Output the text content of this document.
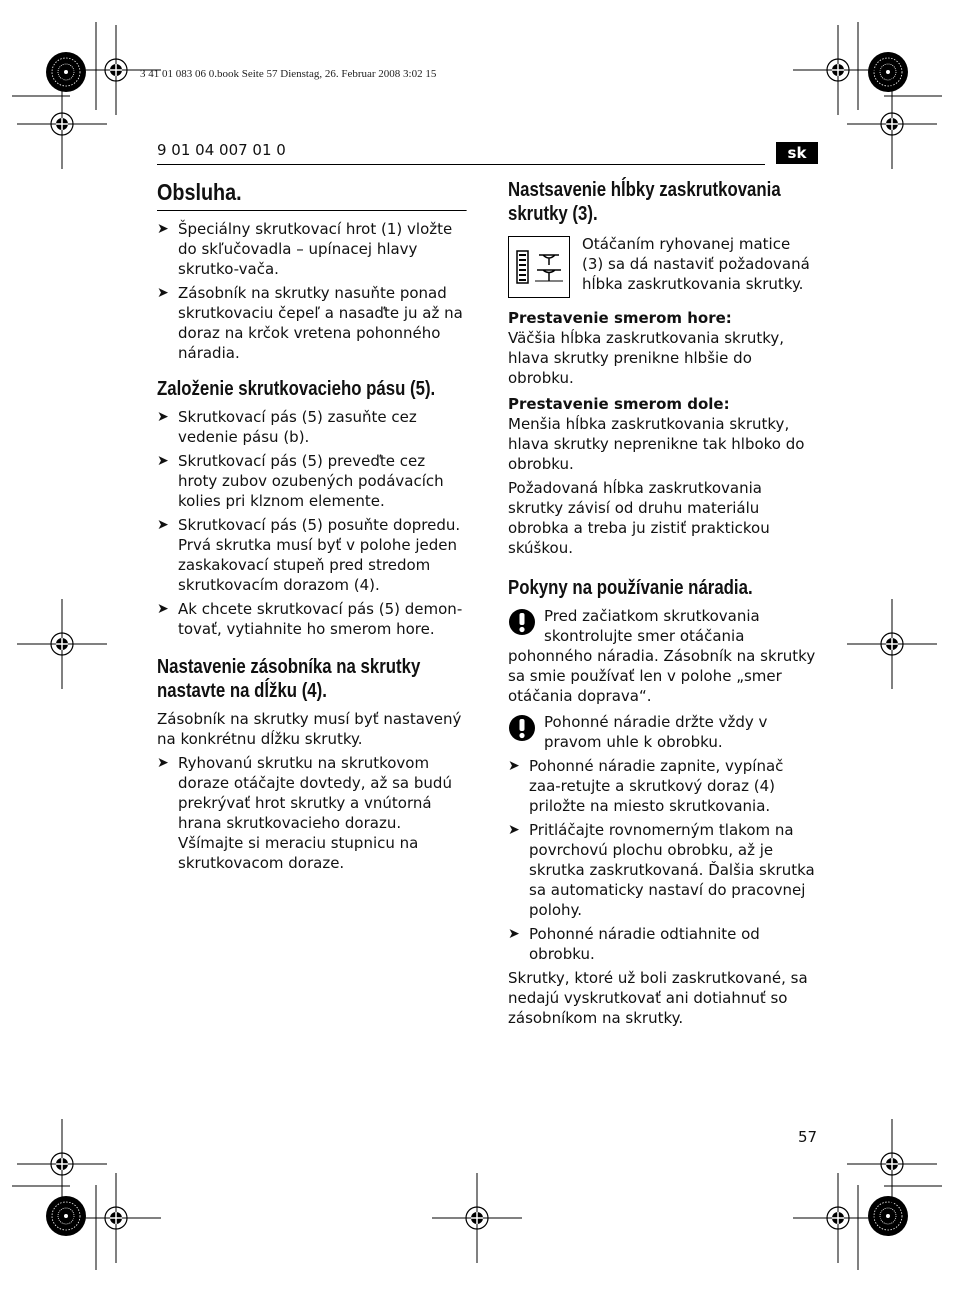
3 41 01 083 06 0.book Seite 57 Dienstag, 26. Februar 2008 3:02 15
9 01 04 007 01 0	sk
57
Obsluha.
➤ Špeciálny skrutkovací hrot (1) vložte do skľučovadla – upínacej hlavy skrutko-vača.
➤ Zásobník na skrutky nasuňte ponad skrutkovaciu čepeľ a nasaďte ju až na doraz na krčok vretena pohonného náradia.
Založenie skrutkovacieho pásu (5).
➤ Skrutkovací pás (5) zasuňte cez vedenie pásu (b).
➤ Skrutkovací pás (5) preveďte cez hroty zubov ozubených podávacích kolies pri klznom elemente.
➤ Skrutkovací pás (5) posuňte dopredu. Prvá skrutka musí byť v polohe jeden zaskakovací stupeň pred stredom skrutkovacím dorazom (4).
➤ Ak chcete skrutkovací pás (5) demon-tovať, vytiahnite ho smerom hore.
Nastavenie zásobníka na skrutky nastavte na dĺžku (4).
Zásobník na skrutky musí byť nastavený na konkrétnu dĺžku skrutky.
➤ Ryhovanú skrutku na skrutkovom doraze otáčajte dovtedy, až sa budú prekrývať hrot skrutky a vnútorná hrana skrutkovacieho dorazu. Všímajte si meraciu stupnicu na skrutkovacom doraze.
Nastsavenie hĺbky zaskrutkovania skrutky (3).
Otáčaním ryhovanej matice (3) sa dá nastaviť požadovaná hĺbka zaskrutkovania skrutky.
Prestavenie smerom hore:
Väčšia hĺbka zaskrutkovania skrutky, hlava skrutky prenikne hlbšie do obrobku.
Prestavenie smerom dole:
Menšia hĺbka zaskrutkovania skrutky, hlava skrutky neprenikne tak hlboko do obrobku.
Požadovaná hĺbka zaskrutkovania skrutky závisí od druhu materiálu obrobka a treba ju zistiť praktickou skúškou.
Pokyny na používanie náradia.
Pred začiatkom skrutkovania skontrolujte smer otáčania pohonného náradia. Zásobník na skrutky sa smie používať len v polohe „smer otáčania doprava“.
Pohonné náradie držte vždy v pravom uhle k obrobku.
➤ Pohonné náradie zapnite, vypínač zaa-retujte a skrutkový doraz (4) priložte na miesto skrutkovania.
➤ Pritláčajte rovnomerným tlakom na povrchovú plochu obrobku, až je skrutka zaskrutkovaná. Ďalšia skrutka sa automaticky nastaví do pracovnej polohy.
➤ Pohonné náradie odtiahnite od obrobku.
Skrutky, ktoré už boli zaskrutkované, sa nedajú vyskrutkovať ani dotiahnuť so zásobníkom na skrutky.
